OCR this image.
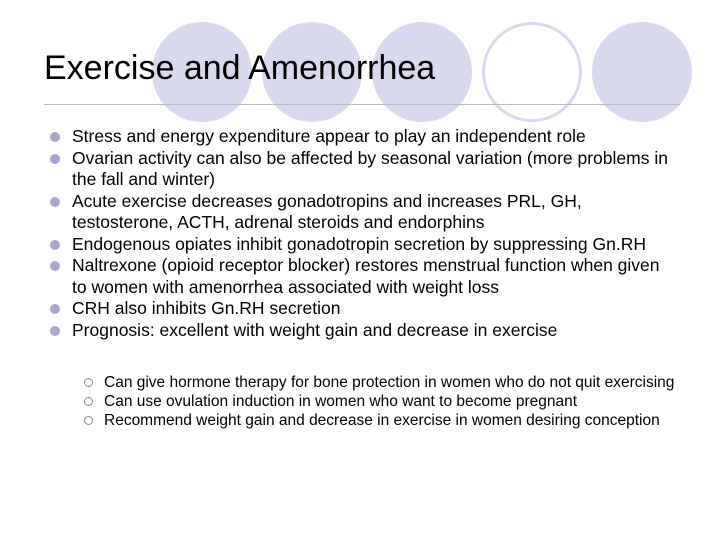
Exercise and Amenorrhea
Stress and energy expenditure appear to play an independent role
Ovarian activity can also be affected by seasonal variation (more problems in the fall and winter)
Acute exercise decreases gonadotropins and increases PRL, GH, testosterone, ACTH, adrenal steroids and endorphins
Endogenous opiates inhibit gonadotropin secretion by suppressing Gn.RH
Naltrexone (opioid receptor blocker) restores menstrual function when given to women with amenorrhea associated with weight loss
CRH also inhibits Gn.RH secretion
Prognosis: excellent with weight gain and decrease in exercise
Can give hormone therapy for bone protection in women who do not quit exercising
Can use ovulation induction in women who want to become pregnant
Recommend weight gain and decrease in exercise in women desiring conception
